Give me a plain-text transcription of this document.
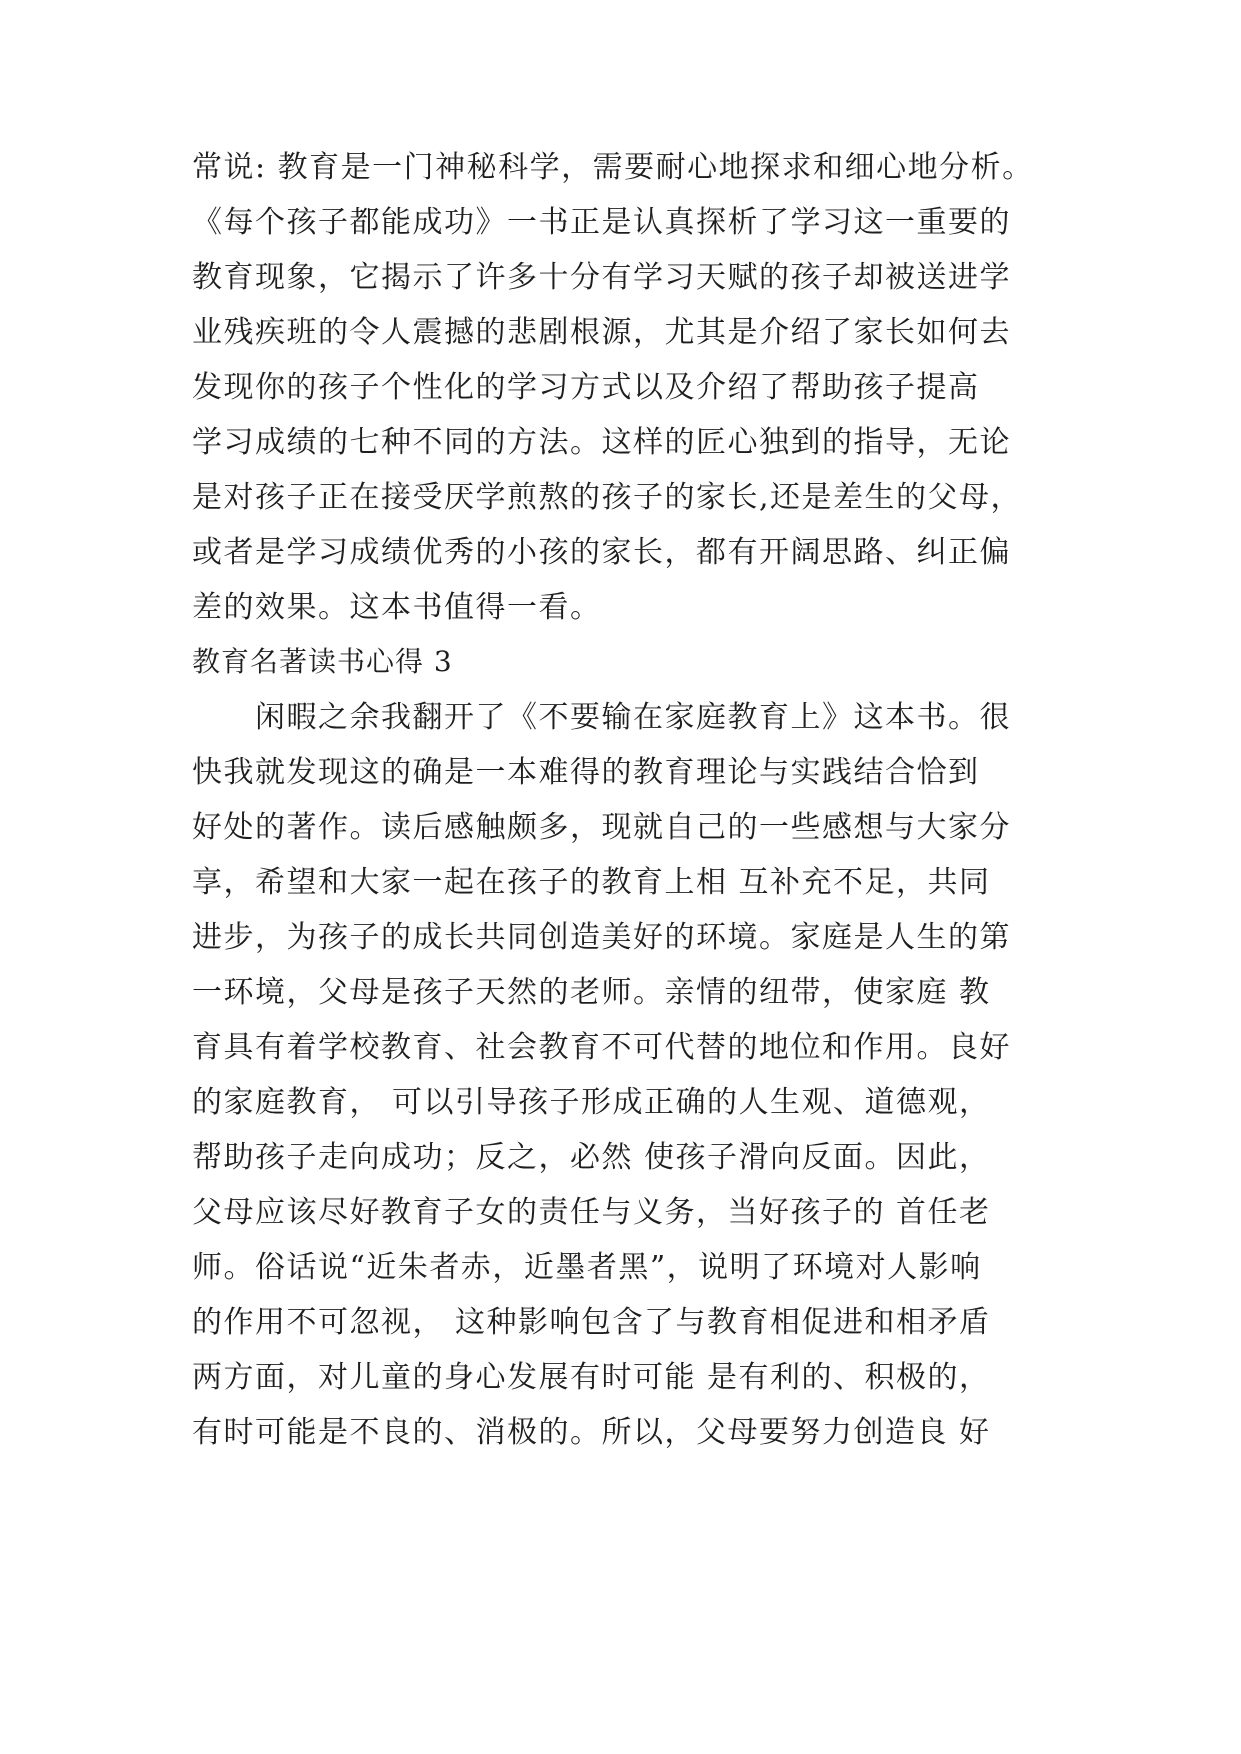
常说: 教育是一门神秘科学，需要耐心地探求和细心地分析。
《每个孩子都能成功》一书正是认真探析了学习这一重要的
教育现象，它揭示了许多十分有学习天赋的孩子却被送进学
业残疾班的令人震撼的悲剧根源，尤其是介绍了家长如何去
发现你的孩子个性化的学习方式以及介绍了帮助孩子提高
学习成绩的七种不同的方法。这样的匠心独到的指导，无论
是对孩子正在接受厌学煎熬的孩子的家长,还是差生的父母，
或者是学习成绩优秀的小孩的家长，都有开阔思路、纠正偏
差的效果。这本书值得一看。
教育名著读书心得 3
　　闲暇之余我翻开了《不要输在家庭教育上》这本书。很
快我就发现这的确是一本难得的教育理论与实践结合恰到
好处的著作。读后感触颇多，现就自己的一些感想与大家分
享，希望和大家一起在孩子的教育上相 互补充不足，共同
进步，为孩子的成长共同创造美好的环境。家庭是人生的第
一环境，父母是孩子天然的老师。亲情的纽带，使家庭 教
育具有着学校教育、社会教育不可代替的地位和作用。良好
的家庭教育， 可以引导孩子形成正确的人生观、道德观，
帮助孩子走向成功；反之，必然 使孩子滑向反面。因此，
父母应该尽好教育子女的责任与义务，当好孩子的 首任老
师。俗话说“近朱者赤，近墨者黑”，说明了环境对人影响
的作用不可忽视， 这种影响包含了与教育相促进和相矛盾
两方面，对儿童的身心发展有时可能 是有利的、积极的，
有时可能是不良的、消极的。所以，父母要努力创造良 好
